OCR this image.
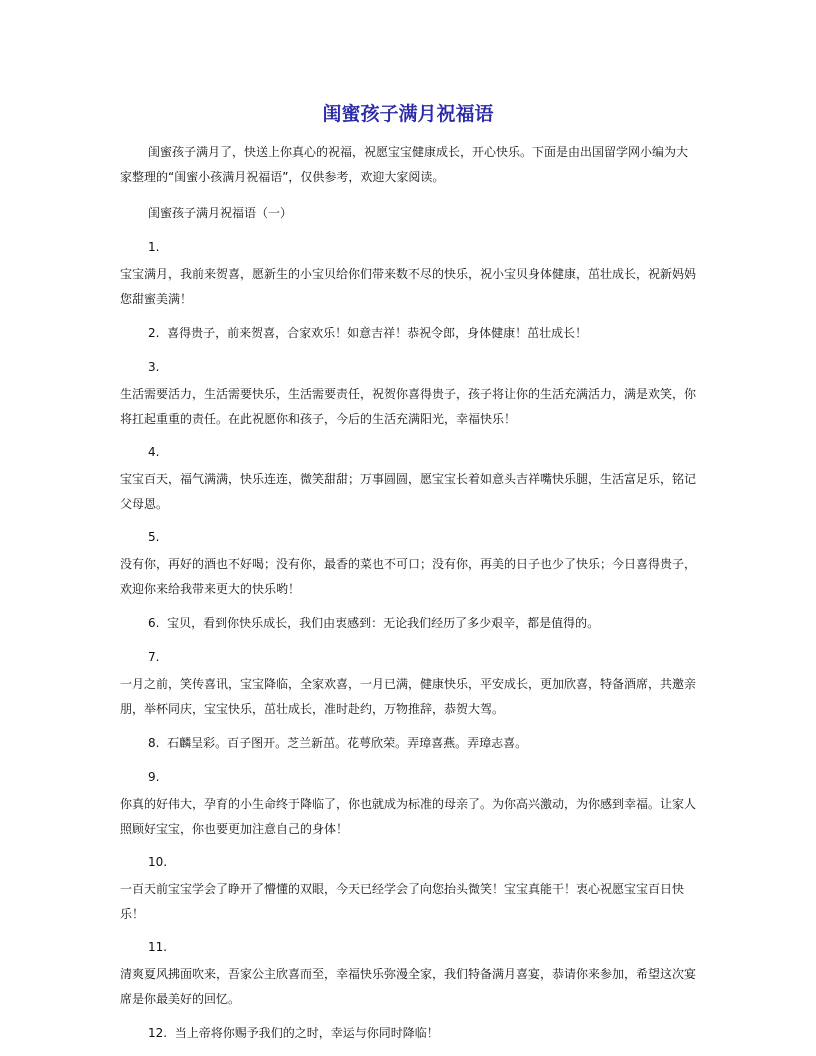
闺蜜孩子满月祝福语

闺蜜孩子满月了，快送上你真心的祝福，祝愿宝宝健康成长，开心快乐。下面是由出国留学网小编为大家整理的“闺蜜小孩满月祝福语”，仅供参考，欢迎大家阅读。

闺蜜孩子满月祝福语（一）

1.

宝宝满月，我前来贺喜，愿新生的小宝贝给你们带来数不尽的快乐，祝小宝贝身体健康，茁壮成长，祝新妈妈您甜蜜美满！

2. 喜得贵子，前来贺喜，合家欢乐！如意吉祥！恭祝令郎，身体健康！茁壮成长！

3.

生活需要活力，生活需要快乐，生活需要责任，祝贺你喜得贵子，孩子将让你的生活充满活力，满是欢笑，你将扛起重重的责任。在此祝愿你和孩子，今后的生活充满阳光，幸福快乐！

4.

宝宝百天，福气满满，快乐连连，微笑甜甜；万事圆圆，愿宝宝长着如意头吉祥嘴快乐腿，生活富足乐，铭记父母恩。

5.

没有你，再好的酒也不好喝；没有你，最香的菜也不可口；没有你，再美的日子也少了快乐；今日喜得贵子，欢迎你来给我带来更大的快乐哟！

6. 宝贝，看到你快乐成长，我们由衷感到：无论我们经历了多少艰辛，都是值得的。

7.

一月之前，笑传喜讯，宝宝降临，全家欢喜，一月已满，健康快乐，平安成长，更加欣喜，特备酒席，共邀亲朋，举杯同庆，宝宝快乐，茁壮成长，准时赴约，万物推辞，恭贺大驾。

8. 石麟呈彩。百子图开。芝兰新茁。花萼欣荣。弄璋喜燕。弄璋志喜。

9.

你真的好伟大，孕育的小生命终于降临了，你也就成为标准的母亲了。为你高兴激动，为你感到幸福。让家人照顾好宝宝，你也要更加注意自己的身体！

10.

一百天前宝宝学会了睁开了懵懂的双眼，今天已经学会了向您抬头微笑！宝宝真能干！衷心祝愿宝宝百日快乐！

11.

清爽夏风拂面吹来，吾家公主欣喜而至，幸福快乐弥漫全家，我们特备满月喜宴，恭请你来参加，希望这次宴席是你最美好的回忆。

12. 当上帝将你赐予我们的之时，幸运与你同时降临！
